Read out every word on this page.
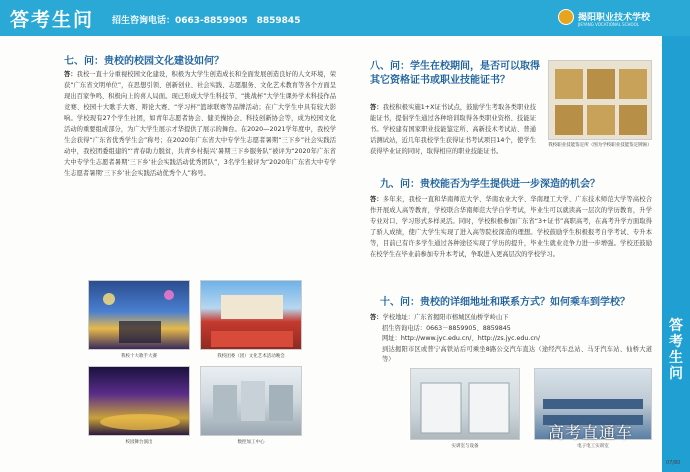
答考生问 招生咨询电话：0663-8859905　8859845	揭阳职业技术学校
JIEYANG VOCATIONAL SCHOOL
答考生问
07/80
七、问：贵校的校园文化建设如何？
答：我校一直十分重视校园文化建设，积极为大学生创造成长和全面发展创造良好的人文环境，荣获“广东省文明单位”，在思想引领、创新创业、社会实践、志愿服务、文化艺术教育等各个方面呈现出百家争鸣、积极向上的喜人局面。现已形成大学生科技节、“挑战杯”大学生课外学术科技作品竞赛、校园十大歌手大赛、辩论大赛、“学习杯”篮球联赛等品牌活动；在广大学生中具有较大影响。学校现有27个学生社团，如青年志愿者协会、健美操协会、科技创新协会等，成为校园文化活动的重要组成部分，为广大学生展示才华提供了展示的舞台。在2020—2021学年度中，我校学生会获得“广东省优秀学生会”称号；在2020年广东省大中专学生志愿者暑期“三下乡”社会实践活动中，我校团委组建的“‘青春助力脱贫，共青乡村振兴’暑期三下乡服务队”被评为“2020年广东省大中专学生志愿者暑期‘三下乡’社会实践活动优秀团队”，3名学生被评为“2020年广东省大中专学生志愿者暑期‘三下乡’社会实践活动优秀个人”称号。
我校十大歌手大赛	我校团委（团）文化艺术活动晚会
校园舞台演出	数控加工中心
八、问：学生在校期间，是否可以取得其它资格证书或职业技能证书？
答：我校积极实施1+X证书试点，鼓励学生考取各类职业技能证书，提倡学生通过各种培训取得各类职业资格、技能证书。学校建有国家职业技能鉴定所、高新技术考试站、普通话测试站，近几年我校学生获得证书考试项目14个，使学生获得毕业证的同时，取得相应的职业技能证书。
我校职业技能鉴定所（图为学校职业技能鉴定牌匾）
九、问：贵校能否为学生提供进一步深造的机会？
答：多年来，我校一直和华南师范大学、华南农业大学、华南理工大学、广东技术师范大学等高校合作开展成人高等教育，学校联合华南师范大学自学考试，毕业生可以就读高一层次的学历教育，升学专业对口、学习形式多样灵活。同时，学校积极参加广东省“3+证书”高职高考，在高考升学方面取得了骄人成绩，使广大学生实现了进入高等院校深造的理想。学校鼓励学生积极报考自学考试、专升本等，目前已有许多学生通过各种途径实现了学历的提升，毕业生就业竞争力进一步增强。学校还鼓励在校学生在毕业前参加专升本考试，争取进入更高层次的学校学习。
十、问：贵校的详细地址和联系方式？如何乘车到学校？
答：学校地址：广东省揭阳市榕城区仙桥学岭山下
招生咨询电话：0663－8859905、8859845
网址：http://www.jyc.edu.cn/、http://zs.jyc.edu.cn/
到达揭阳市区或普宁高铁站后可乘坐8路公交汽车直达（途经汽车总站、马牙汽车站、仙桥大道等）
实训室与设备	电子电工实训室
高考直通车
